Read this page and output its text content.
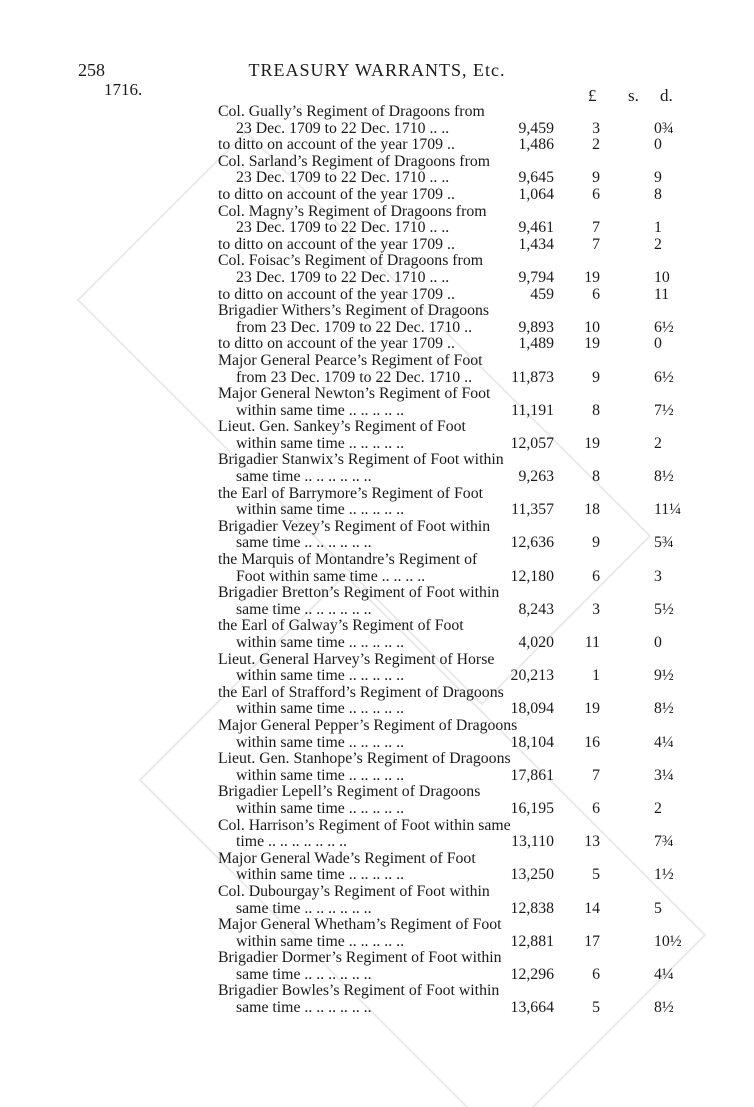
258	TREASURY WARRANTS, Etc.
1716.	£ s. d.
Col. Gually’s Regiment of Dragoons from
23 Dec. 1709 to 22 Dec. 1710 .. ..	9,459	3	0¾
to ditto on account of the year 1709 ..	1,486	2	0
Col. Sarland’s Regiment of Dragoons from
23 Dec. 1709 to 22 Dec. 1710 .. ..	9,645	9	9
to ditto on account of the year 1709 ..	1,064	6	8
Col. Magny’s Regiment of Dragoons from
23 Dec. 1709 to 22 Dec. 1710 .. ..	9,461	7	1
to ditto on account of the year 1709 ..	1,434	7	2
Col. Foisac’s Regiment of Dragoons from
23 Dec. 1709 to 22 Dec. 1710 .. ..	9,794	19	10
to ditto on account of the year 1709 ..	459	6	11
Brigadier Withers’s Regiment of Dragoons
from 23 Dec. 1709 to 22 Dec. 1710 ..	9,893	10	6½
to ditto on account of the year 1709 ..	1,489	19	0
Major General Pearce’s Regiment of Foot
from 23 Dec. 1709 to 22 Dec. 1710 ..	11,873	9	6½
Major General Newton’s Regiment of Foot
within same time .. .. .. .. ..	11,191	8	7½
Lieut. Gen. Sankey’s Regiment of Foot
within same time .. .. .. .. ..	12,057	19	2
Brigadier Stanwix’s Regiment of Foot within
same time .. .. .. .. .. ..	9,263	8	8½
the Earl of Barrymore’s Regiment of Foot
within same time .. .. .. .. ..	11,357	18	11¼
Brigadier Vezey’s Regiment of Foot within
same time .. .. .. .. .. ..	12,636	9	5¾
the Marquis of Montandre’s Regiment of
Foot within same time .. .. .. ..	12,180	6	3
Brigadier Bretton’s Regiment of Foot within
same time .. .. .. .. .. ..	8,243	3	5½
the Earl of Galway’s Regiment of Foot
within same time .. .. .. .. ..	4,020	11	0
Lieut. General Harvey’s Regiment of Horse
within same time .. .. .. .. ..	20,213	1	9½
the Earl of Strafford’s Regiment of Dragoons
within same time .. .. .. .. ..	18,094	19	8½
Major General Pepper’s Regiment of Dragoons
within same time .. .. .. .. ..	18,104	16	4¼
Lieut. Gen. Stanhope’s Regiment of Dragoons
within same time .. .. .. .. ..	17,861	7	3¼
Brigadier Lepell’s Regiment of Dragoons
within same time .. .. .. .. ..	16,195	6	2
Col. Harrison’s Regiment of Foot within same
time .. .. .. .. .. .. ..	13,110	13	7¾
Major General Wade’s Regiment of Foot
within same time .. .. .. .. ..	13,250	5	1½
Col. Dubourgay’s Regiment of Foot within
same time .. .. .. .. .. ..	12,838	14	5
Major General Whetham’s Regiment of Foot
within same time .. .. .. .. ..	12,881	17	10½
Brigadier Dormer’s Regiment of Foot within
same time .. .. .. .. .. ..	12,296	6	4¼
Brigadier Bowles’s Regiment of Foot within
same time .. .. .. .. .. ..	13,664	5	8½
